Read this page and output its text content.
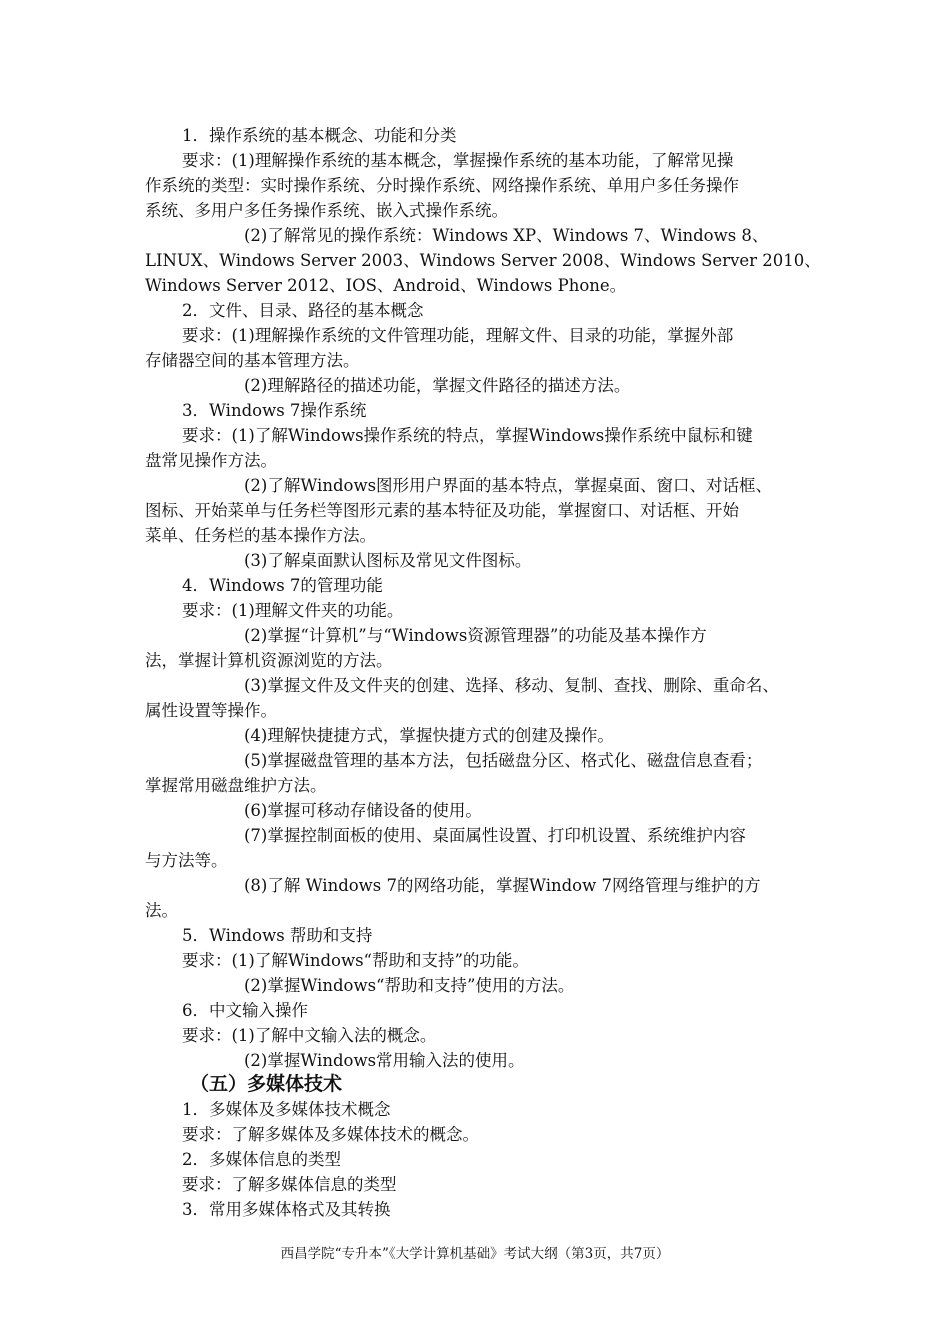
1．操作系统的基本概念、功能和分类
要求：(1)理解操作系统的基本概念，掌握操作系统的基本功能，了解常见操
作系统的类型：实时操作系统、分时操作系统、网络操作系统、单用户多任务操作
系统、多用户多任务操作系统、嵌入式操作系统。
(2)了解常见的操作系统：Windows XP、Windows 7、Windows 8、
LINUX、Windows Server 2003、Windows Server 2008、Windows Server 2010、
Windows Server 2012、IOS、Android、Windows Phone。
2．文件、目录、路径的基本概念
要求：(1)理解操作系统的文件管理功能，理解文件、目录的功能，掌握外部
存储器空间的基本管理方法。
(2)理解路径的描述功能，掌握文件路径的描述方法。
3．Windows 7操作系统
要求：(1)了解Windows操作系统的特点，掌握Windows操作系统中鼠标和键
盘常见操作方法。
(2)了解Windows图形用户界面的基本特点，掌握桌面、窗口、对话框、
图标、开始菜单与任务栏等图形元素的基本特征及功能，掌握窗口、对话框、开始
菜单、任务栏的基本操作方法。
(3)了解桌面默认图标及常见文件图标。
4．Windows 7的管理功能
要求：(1)理解文件夹的功能。
(2)掌握“计算机”与“Windows资源管理器”的功能及基本操作方
法，掌握计算机资源浏览的方法。
(3)掌握文件及文件夹的创建、选择、移动、复制、查找、删除、重命名、
属性设置等操作。
(4)理解快捷捷方式，掌握快捷方式的创建及操作。
(5)掌握磁盘管理的基本方法，包括磁盘分区、格式化、磁盘信息查看；
掌握常用磁盘维护方法。
(6)掌握可移动存储设备的使用。
(7)掌握控制面板的使用、桌面属性设置、打印机设置、系统维护内容
与方法等。
(8)了解 Windows 7的网络功能，掌握Window 7网络管理与维护的方
法。
5．Windows 帮助和支持
要求：(1)了解Windows“帮助和支持”的功能。
(2)掌握Windows“帮助和支持”使用的方法。
6．中文输入操作
要求：(1)了解中文输入法的概念。
(2)掌握Windows常用输入法的使用。
（五）多媒体技术
1．多媒体及多媒体技术概念
要求：了解多媒体及多媒体技术的概念。
2．多媒体信息的类型
要求：了解多媒体信息的类型
3．常用多媒体格式及其转换
西昌学院“专升本”《大学计算机基础》考试大纲（第3页，共7页）
